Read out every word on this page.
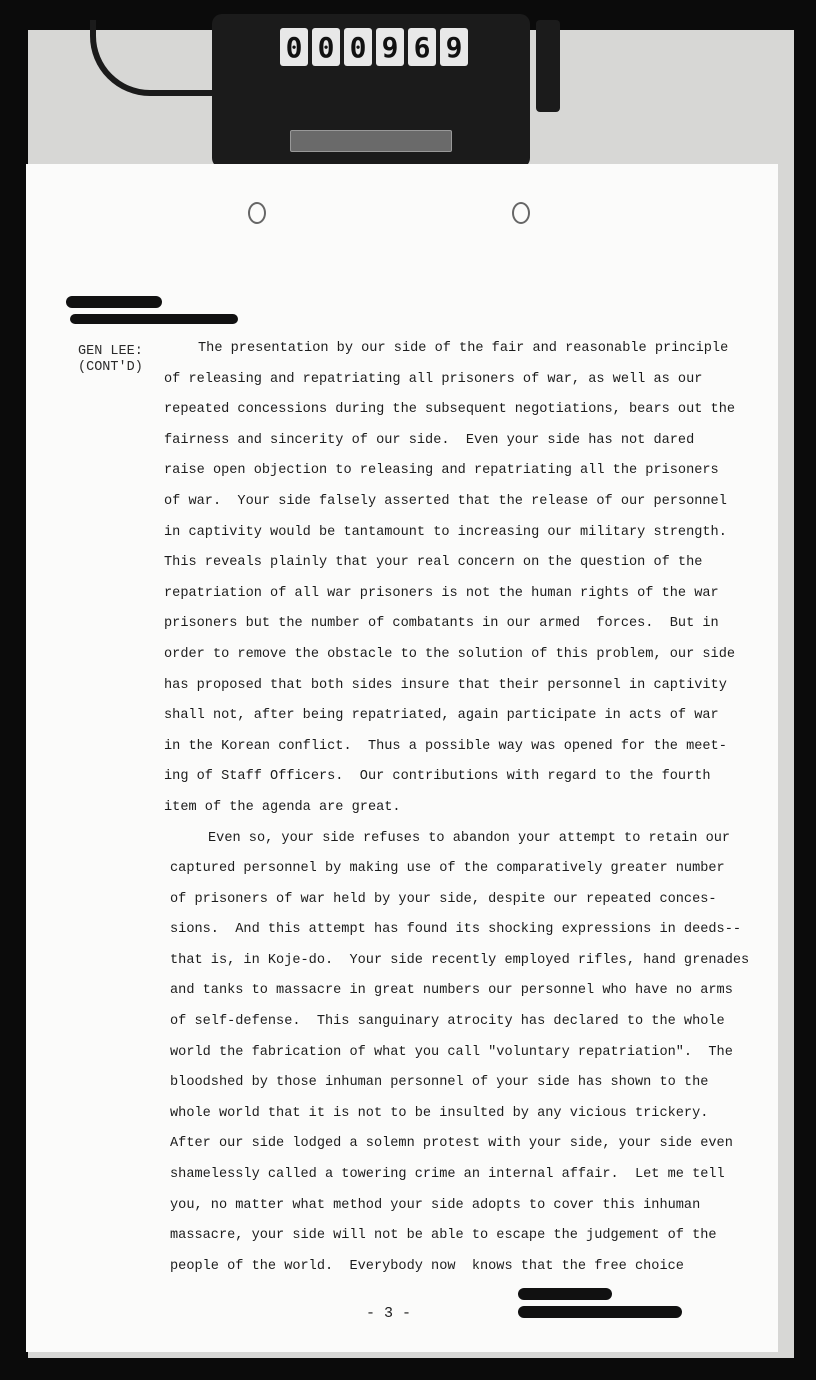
0 0 0 9 6 9
GEN LEE:
(CONT'D)
The presentation by our side of the fair and reasonable principle
of releasing and repatriating all prisoners of war, as well as our
repeated concessions during the subsequent negotiations, bears out the
fairness and sincerity of our side.  Even your side has not dared
raise open objection to releasing and repatriating all the prisoners
of war.  Your side falsely asserted that the release of our personnel
in captivity would be tantamount to increasing our military strength.
This reveals plainly that your real concern on the question of the
repatriation of all war prisoners is not the human rights of the war
prisoners but the number of combatants in our armed  forces.  But in
order to remove the obstacle to the solution of this problem, our side
has proposed that both sides insure that their personnel in captivity
shall not, after being repatriated, again participate in acts of war
in the Korean conflict.  Thus a possible way was opened for the meet-
ing of Staff Officers.  Our contributions with regard to the fourth
item of the agenda are great.
Even so, your side refuses to abandon your attempt to retain our
captured personnel by making use of the comparatively greater number
of prisoners of war held by your side, despite our repeated conces-
sions.  And this attempt has found its shocking expressions in deeds--
that is, in Koje-do.  Your side recently employed rifles, hand grenades
and tanks to massacre in great numbers our personnel who have no arms
of self-defense.  This sanguinary atrocity has declared to the whole
world the fabrication of what you call "voluntary repatriation".  The
bloodshed by those inhuman personnel of your side has shown to the
whole world that it is not to be insulted by any vicious trickery.
After our side lodged a solemn protest with your side, your side even
shamelessly called a towering crime an internal affair.  Let me tell
you, no matter what method your side adopts to cover this inhuman
massacre, your side will not be able to escape the judgement of the
people of the world.  Everybody now  knows that the free choice
- 3 -
